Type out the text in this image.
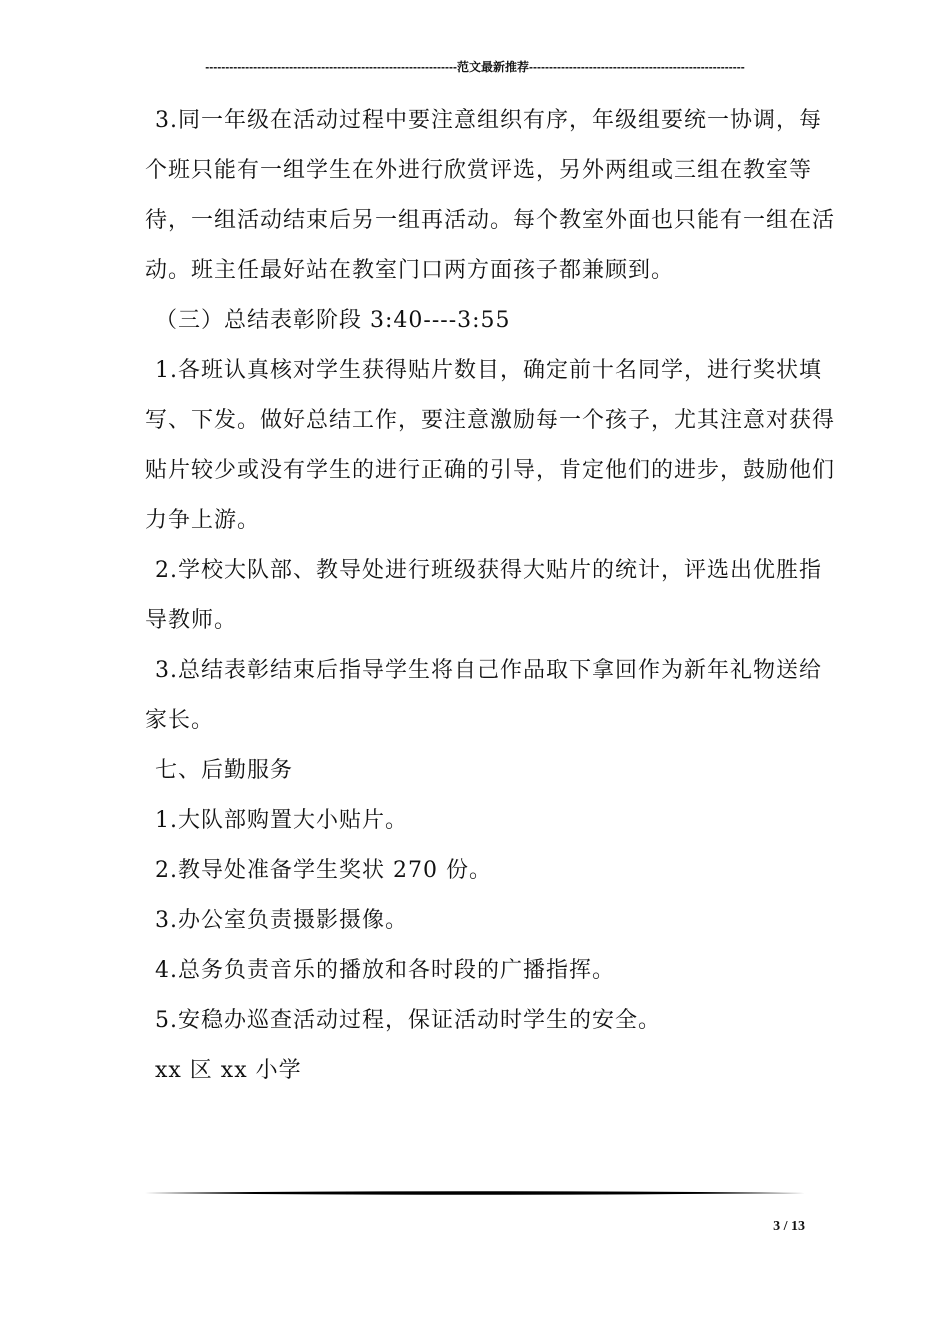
---------------------------------------------------------------范文最新推荐------------------------------------------------------
3.同一年级在活动过程中要注意组织有序，年级组要统一协调，每
个班只能有一组学生在外进行欣赏评选，另外两组或三组在教室等
待，一组活动结束后另一组再活动。每个教室外面也只能有一组在活
动。班主任最好站在教室门口两方面孩子都兼顾到。
（三）总结表彰阶段 3:40----3:55
1.各班认真核对学生获得贴片数目，确定前十名同学，进行奖状填
写、下发。做好总结工作，要注意激励每一个孩子，尤其注意对获得
贴片较少或没有学生的进行正确的引导，肯定他们的进步，鼓励他们
力争上游。
2.学校大队部、教导处进行班级获得大贴片的统计，评选出优胜指
导教师。
3.总结表彰结束后指导学生将自己作品取下拿回作为新年礼物送给
家长。
七、后勤服务
1.大队部购置大小贴片。
2.教导处准备学生奖状 270 份。
3.办公室负责摄影摄像。
4.总务负责音乐的播放和各时段的广播指挥。
5.安稳办巡查活动过程，保证活动时学生的安全。
xx 区 xx 小学
3 / 13
